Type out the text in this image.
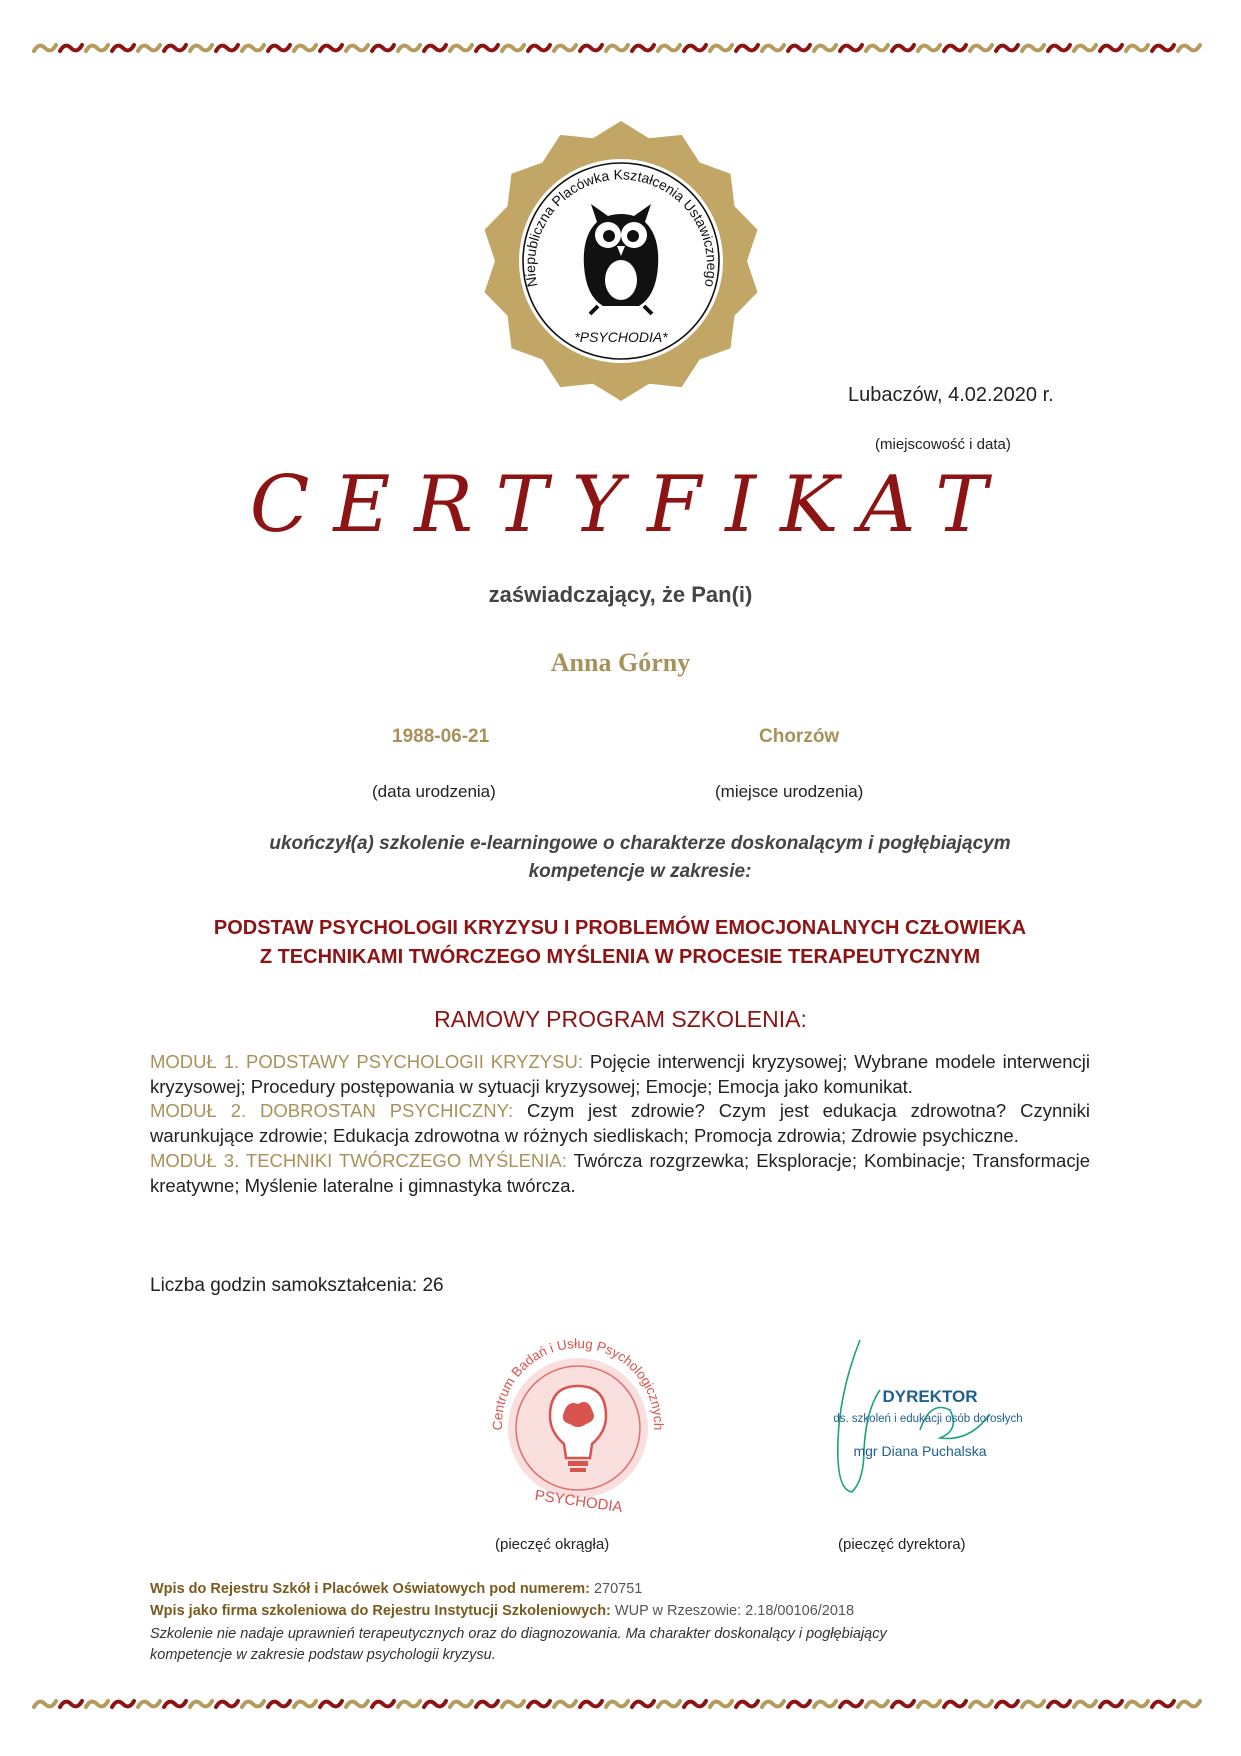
Niepubliczna Placówka Kształcenia Ustawicznego
*PSYCHODIA*
Lubaczów, 4.02.2020 r.
(miejscowość i data)
CERTYFIKAT
zaświadczający, że Pan(i)
Anna Górny
1988-06-21	Chorzów
(data urodzenia)	(miejsce urodzenia)
ukończył(a) szkolenie e-learningowe o charakterze doskonalącym i pogłębiającym
kompetencje w zakresie:
PODSTAW PSYCHOLOGII KRYZYSU I PROBLEMÓW EMOCJONALNYCH CZŁOWIEKA
Z TECHNIKAMI TWÓRCZEGO MYŚLENIA W PROCESIE TERAPEUTYCZNYM
RAMOWY PROGRAM SZKOLENIA:

MODUŁ 1. PODSTAWY PSYCHOLOGII KRYZYSU: Pojęcie interwencji kryzysowej; Wybrane modele interwencji kryzysowej; Procedury postępowania w sytuacji kryzysowej; Emocje; Emocja jako komunikat.

MODUŁ 2. DOBROSTAN PSYCHICZNY: Czym jest zdrowie? Czym jest edukacja zdrowotna? Czynniki warunkujące zdrowie; Edukacja zdrowotna w różnych siedliskach; Promocja zdrowia; Zdrowie psychiczne.

MODUŁ 3. TECHNIKI TWÓRCZEGO MYŚLENIA: Twórcza rozgrzewka; Eksploracje; Kombinacje; Transformacje kreatywne; Myślenie lateralne i gimnastyka twórcza.

Liczba godzin samokształcenia: 26
Centrum Badań i Usług Psychologicznych
PSYCHODIA
DYREKTOR
ds. szkoleń i edukacji osób dorosłych
mgr Diana Puchalska
(pieczęć okrągła)	(pieczęć dyrektora)

Wpis do Rejestru Szkół i Placówek Oświatowych pod numerem: 270751

Wpis jako firma szkoleniowa do Rejestru Instytucji Szkoleniowych: WUP w Rzeszowie: 2.18/00106/2018

Szkolenie nie nadaje uprawnień terapeutycznych oraz do diagnozowania. Ma charakter doskonalący i pogłębiający
kompetencje w zakresie podstaw psychologii kryzysu.
